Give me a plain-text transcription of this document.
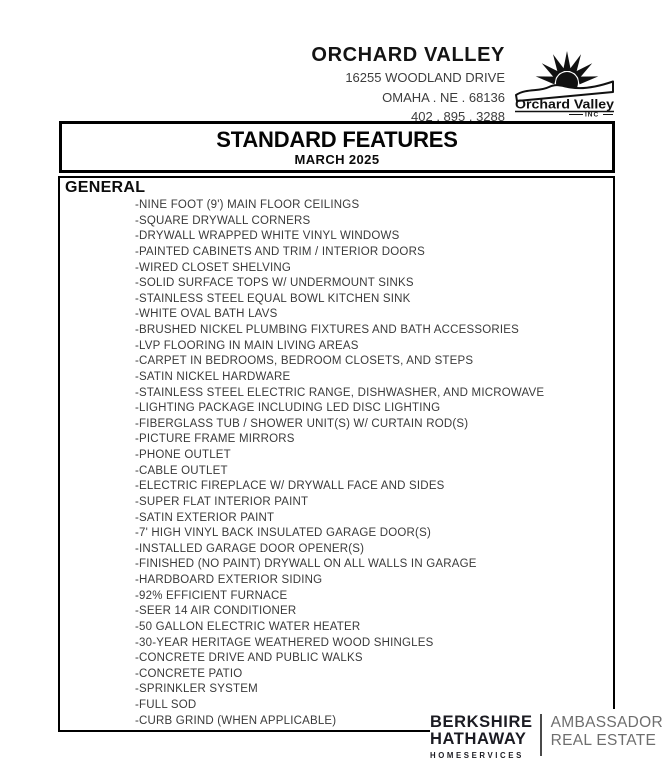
ORCHARD VALLEY
16255 WOODLAND DRIVE
OMAHA . NE . 68136
402 . 895 . 3288
Orchard Valley
INC
STANDARD FEATURES
MARCH 2025
GENERAL
-NINE FOOT (9') MAIN FLOOR CEILINGS
-SQUARE DRYWALL CORNERS
-DRYWALL WRAPPED WHITE VINYL WINDOWS
-PAINTED CABINETS AND TRIM / INTERIOR DOORS
-WIRED CLOSET SHELVING
-SOLID SURFACE TOPS W/ UNDERMOUNT SINKS
-STAINLESS STEEL EQUAL BOWL KITCHEN SINK
-WHITE OVAL BATH LAVS
-BRUSHED NICKEL PLUMBING FIXTURES AND BATH ACCESSORIES
-LVP FLOORING IN MAIN LIVING AREAS
-CARPET IN BEDROOMS, BEDROOM CLOSETS, AND STEPS
-SATIN NICKEL HARDWARE
-STAINLESS STEEL ELECTRIC RANGE, DISHWASHER, AND MICROWAVE
-LIGHTING PACKAGE INCLUDING LED DISC LIGHTING
-FIBERGLASS TUB / SHOWER UNIT(S) W/ CURTAIN ROD(S)
-PICTURE FRAME MIRRORS
-PHONE OUTLET
-CABLE OUTLET
-ELECTRIC FIREPLACE W/ DRYWALL FACE AND SIDES
-SUPER FLAT INTERIOR PAINT
-SATIN EXTERIOR PAINT
-7' HIGH VINYL BACK INSULATED GARAGE DOOR(S)
-INSTALLED GARAGE DOOR OPENER(S)
-FINISHED (NO PAINT) DRYWALL ON ALL WALLS IN GARAGE
-HARDBOARD EXTERIOR SIDING
-92% EFFICIENT FURNACE
-SEER 14 AIR CONDITIONER
-50 GALLON ELECTRIC WATER HEATER
-30-YEAR HERITAGE WEATHERED WOOD SHINGLES
-CONCRETE DRIVE AND PUBLIC WALKS
-CONCRETE PATIO
-SPRINKLER SYSTEM
-FULL SOD
-CURB GRIND (WHEN APPLICABLE)	BERKSHIRE
HATHAWAY
HOMESERVICES
AMBASSADOR
REAL ESTATE
